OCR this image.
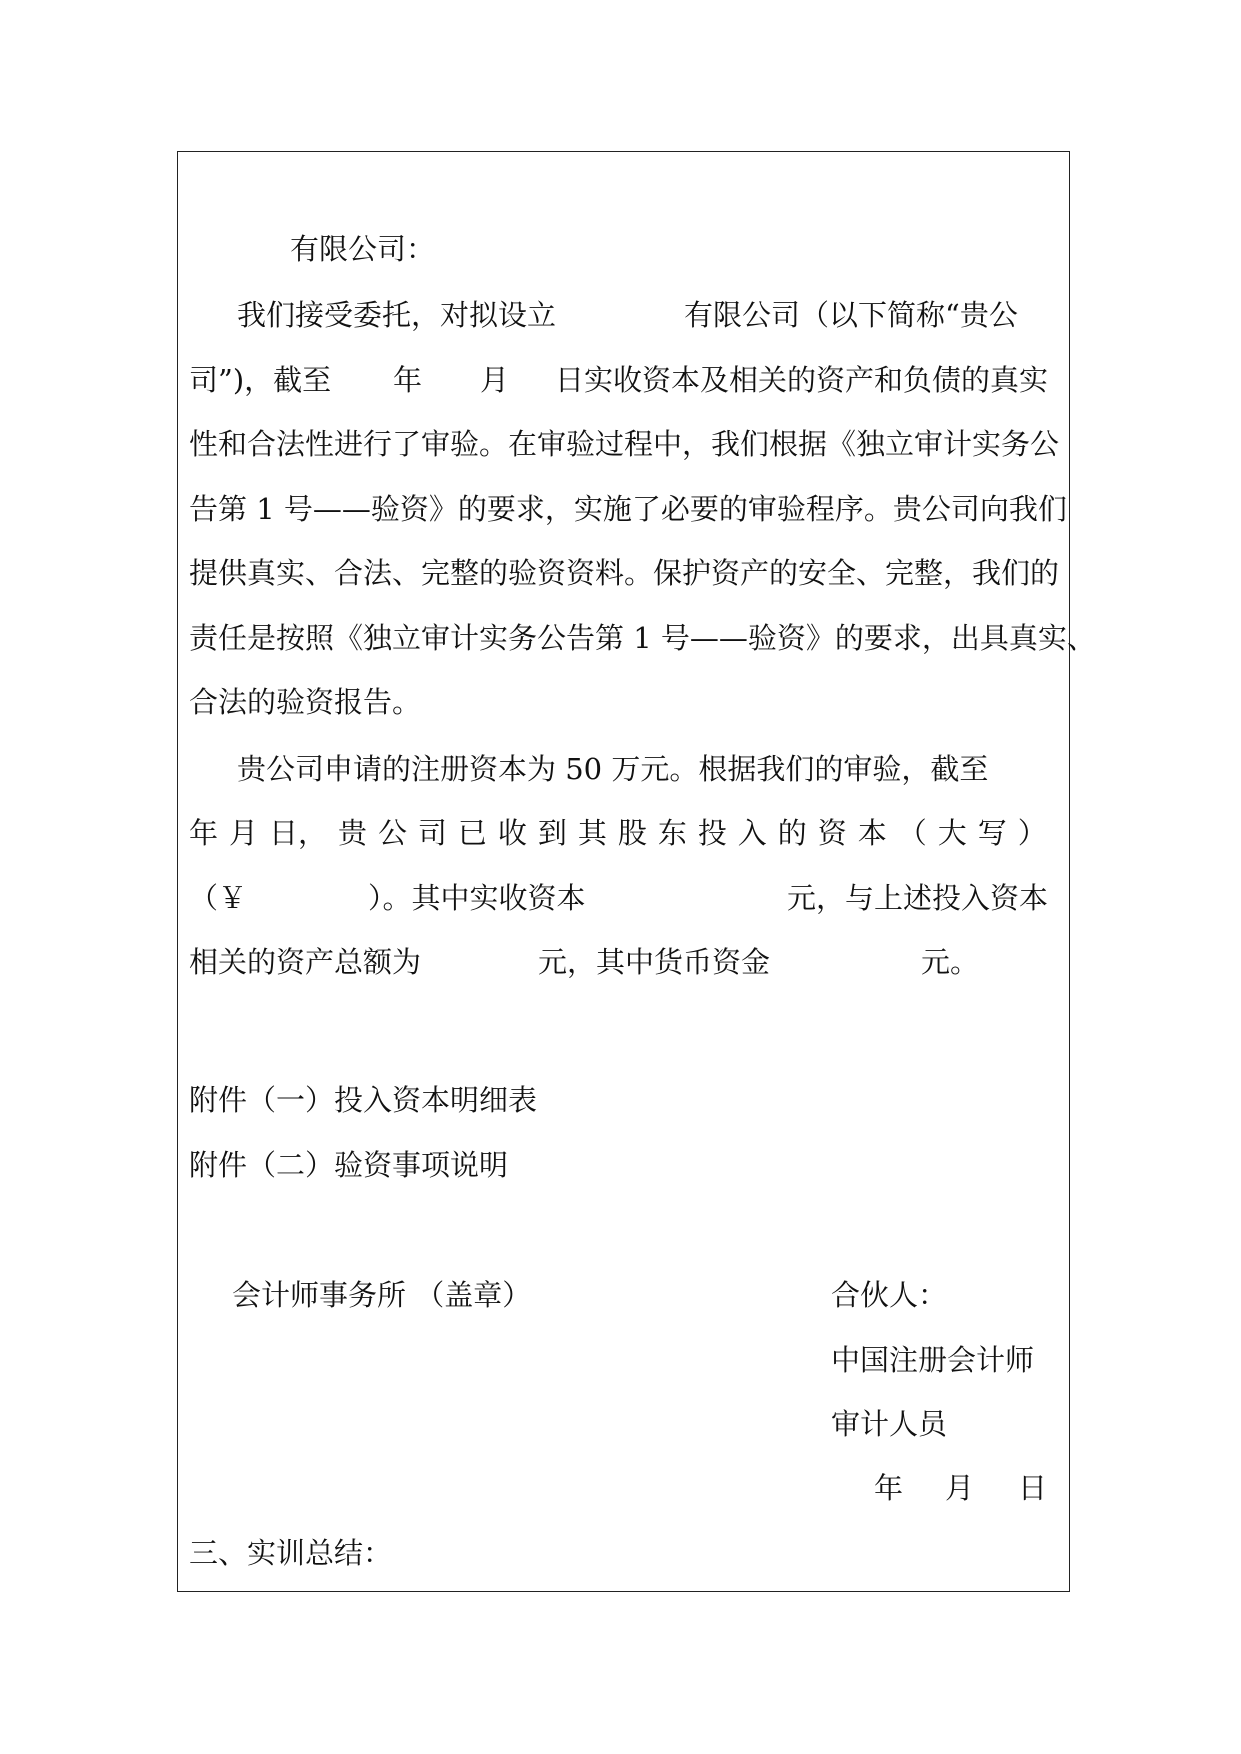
有限公司：
我们接受委托，对拟设立	有限公司（以下简称“贵公
司”)，截至 年 月 日实收资本及相关的资产和负债的真实
性和合法性进行了审验。在审验过程中，我们根据《独立审计实务公
告第 1 号——验资》的要求，实施了必要的审验程序。贵公司向我们
提供真实、合法、完整的验资资料。保护资产的安全、完整，我们的
责任是按照《独立审计实务公告第 1 号——验资》的要求，出具真实、
合法的验资报告。
贵公司申请的注册资本为 50 万元。根据我们的审验，截至
年 月 日， 贵 公 司 已 收 到 其 股 东 投 入 的 资 本 （ 大 写 ）
（￥	）。其中实收资本	元，与上述投入资本
相关的资产总额为	元，其中货币资金	元。
附件（一）投入资本明细表
附件（二）验资事项说明
会计师事务所 （盖章）	合伙人：
中国注册会计师
审计人员
年 月 日
三、实训总结：
